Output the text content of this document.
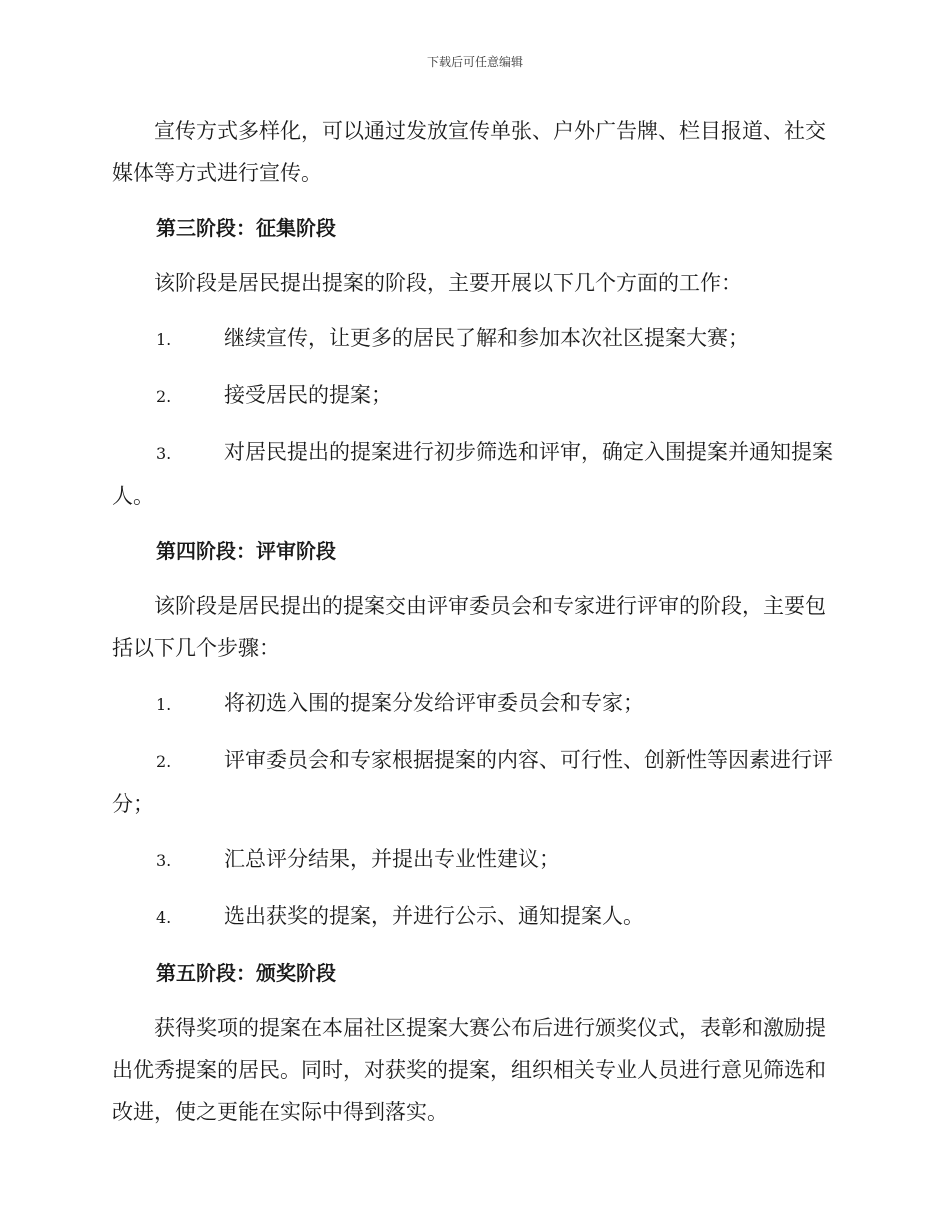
下载后可任意编辑

宣传方式多样化，可以通过发放宣传单张、户外广告牌、栏目报道、社交媒体等方式进行宣传。

第三阶段：征集阶段

该阶段是居民提出提案的阶段，主要开展以下几个方面的工作：

1.	继续宣传，让更多的居民了解和参加本次社区提案大赛；

2.	接受居民的提案；

3.	对居民提出的提案进行初步筛选和评审，确定入围提案并通知提案人。

第四阶段：评审阶段

该阶段是居民提出的提案交由评审委员会和专家进行评审的阶段，主要包括以下几个步骤：

1.	将初选入围的提案分发给评审委员会和专家；

2.	评审委员会和专家根据提案的内容、可行性、创新性等因素进行评分；

3.	汇总评分结果，并提出专业性建议；

4.	选出获奖的提案，并进行公示、通知提案人。

第五阶段：颁奖阶段

获得奖项的提案在本届社区提案大赛公布后进行颁奖仪式，表彰和激励提出优秀提案的居民。同时，对获奖的提案，组织相关专业人员进行意见筛选和改进，使之更能在实际中得到落实。
